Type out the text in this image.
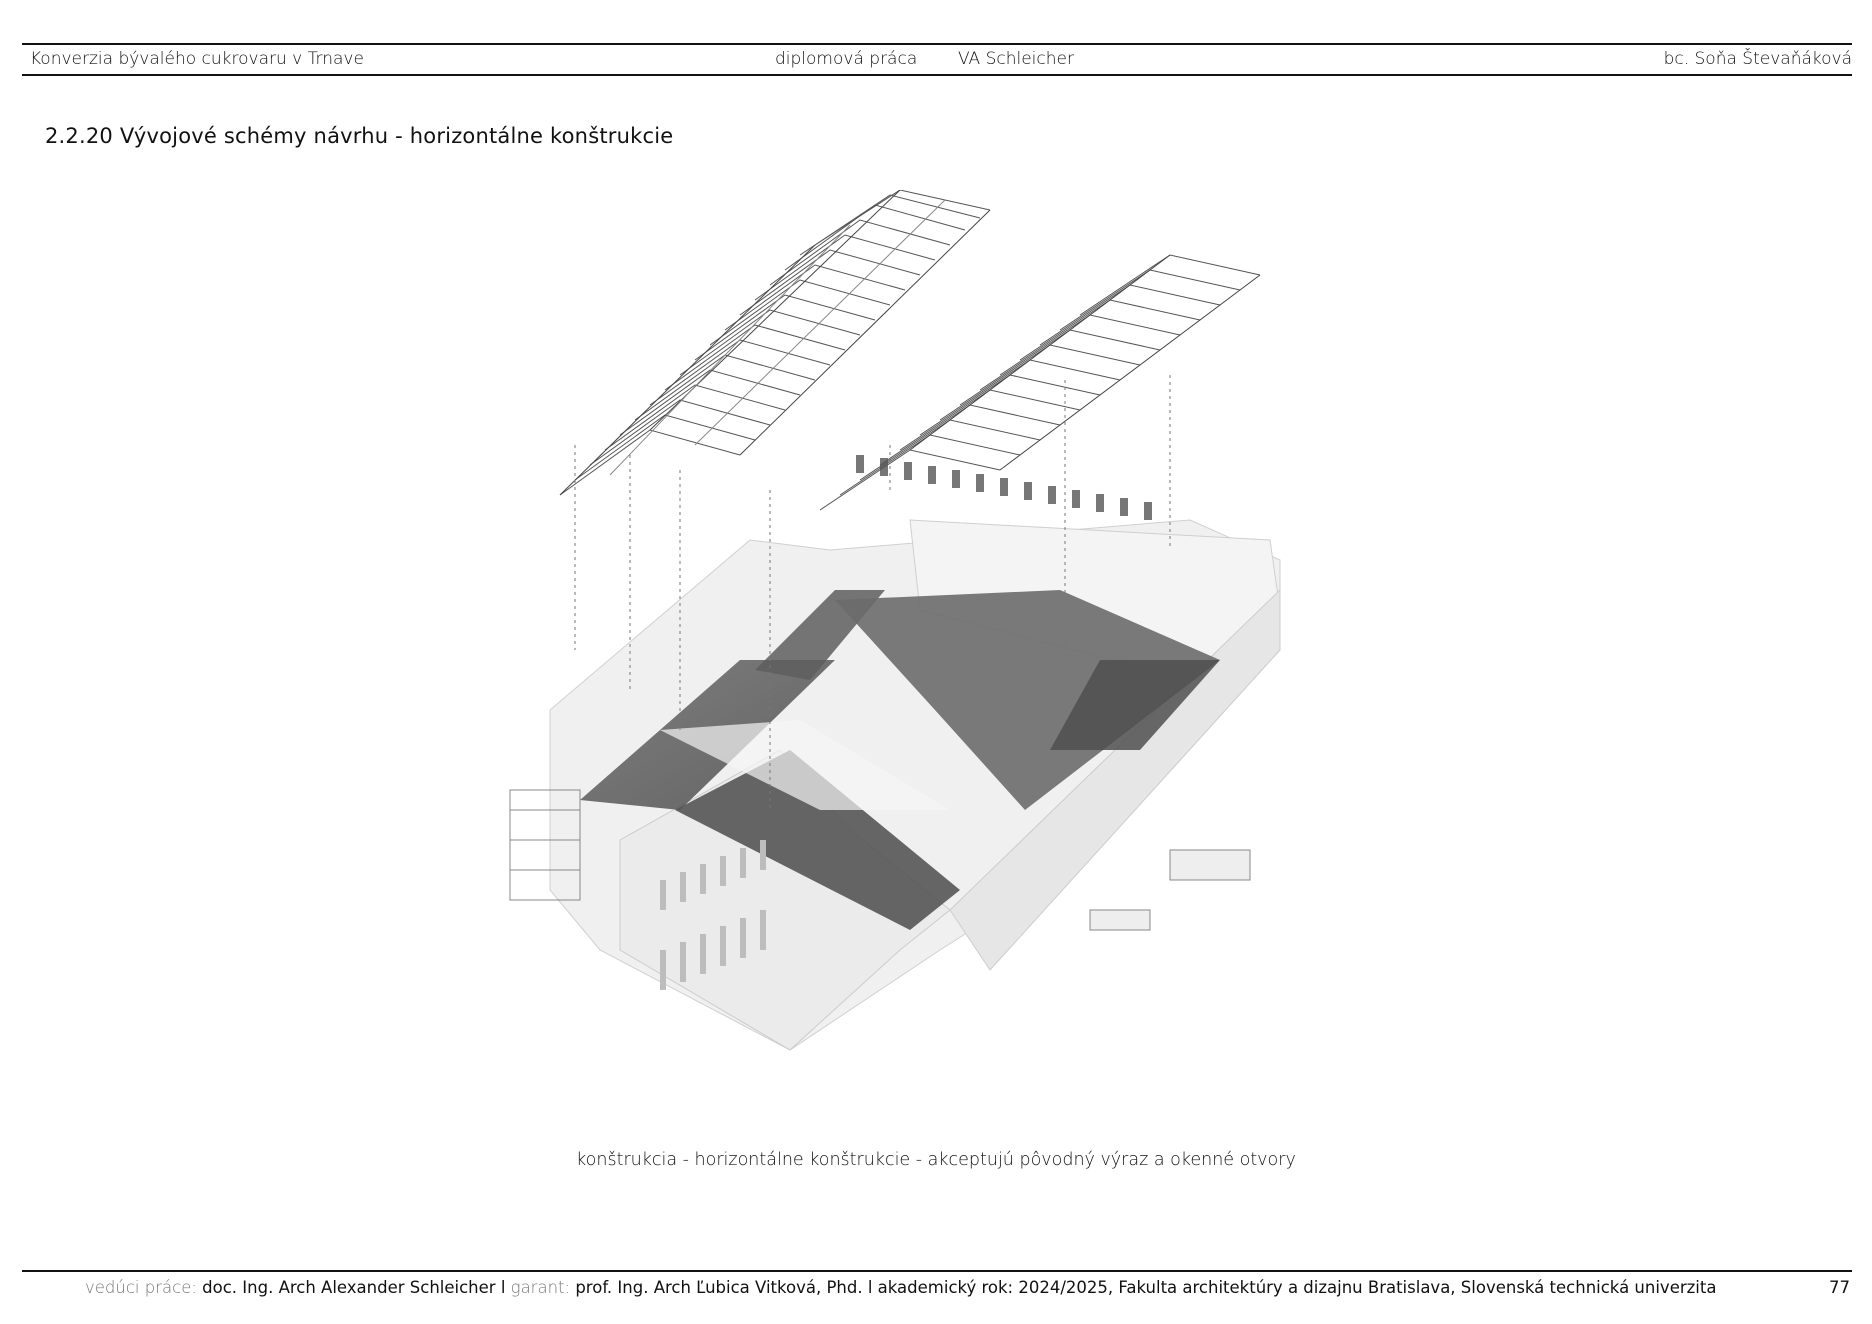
Konverzia bývalého cukrovaru v Trnave	diplomová práca VA Schleicher	bc. Soňa Števaňáková
2.2.20 Vývojové schémy návrhu - horizontálne konštrukcie
konštrukcia - horizontálne konštrukcie - akceptujú pôvodný výraz a okenné otvory
vedúci práce: doc. Ing. Arch Alexander Schleicher l garant: prof. Ing. Arch Ľubica Vitková, Phd. l akademický rok: 2024/2025, Fakulta architektúry a dizajnu Bratislava, Slovenská technická univerzita	77
